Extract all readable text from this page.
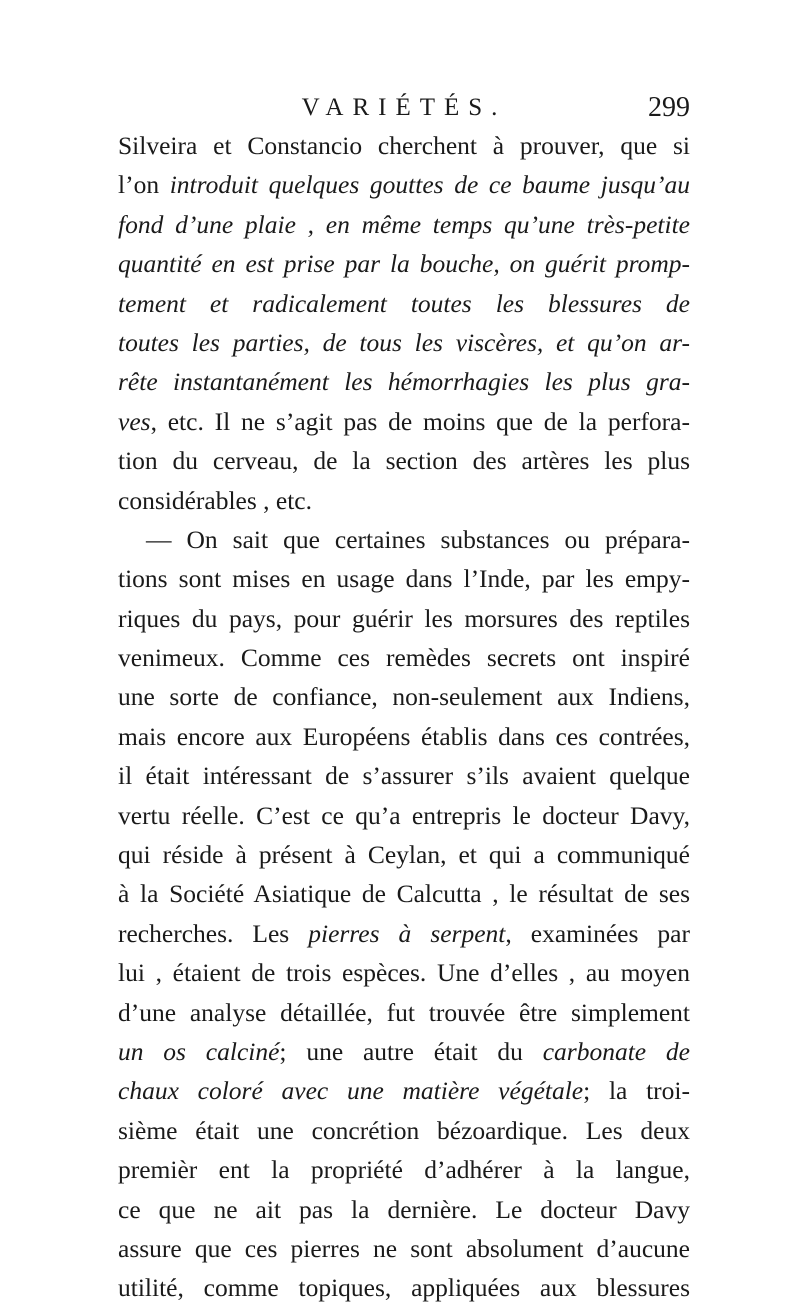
VARIÉTÉS.	299
Silveira et Constancio cherchent à prouver, que si
l’on introduit quelques gouttes de ce baume jusqu’au
fond d’une plaie , en même temps qu’une très-petite
quantité en est prise par la bouche, on guérit promp-
tement et radicalement toutes les blessures de
toutes les parties, de tous les viscères, et qu’on ar-
rête instantanément les hémorrhagies les plus gra-
ves, etc. Il ne s’agit pas de moins que de la perfora-
tion du cerveau, de la section des artères les plus
considérables , etc.
— On sait que certaines substances ou prépara-
tions sont mises en usage dans l’Inde, par les empy-
riques du pays, pour guérir les morsures des reptiles
venimeux. Comme ces remèdes secrets ont inspiré
une sorte de confiance, non-seulement aux Indiens,
mais encore aux Européens établis dans ces contrées,
il était intéressant de s’assurer s’ils avaient quelque
vertu réelle. C’est ce qu’a entrepris le docteur Davy,
qui réside à présent à Ceylan, et qui a communiqué
à la Société Asiatique de Calcutta , le résultat de ses
recherches. Les pierres à serpent, examinées par
lui , étaient de trois espèces. Une d’elles , au moyen
d’une analyse détaillée, fut trouvée être simplement
un os calciné; une autre était du carbonate de
chaux coloré avec une matière végétale; la troi-
sième était une concrétion bézoardique. Les deux
premièr ent la propriété d’adhérer à la langue,
ce que ne ait pas la dernière. Le docteur Davy
assure que ces pierres ne sont absolument d’aucune
utilité, comme topiques, appliquées aux blessures
